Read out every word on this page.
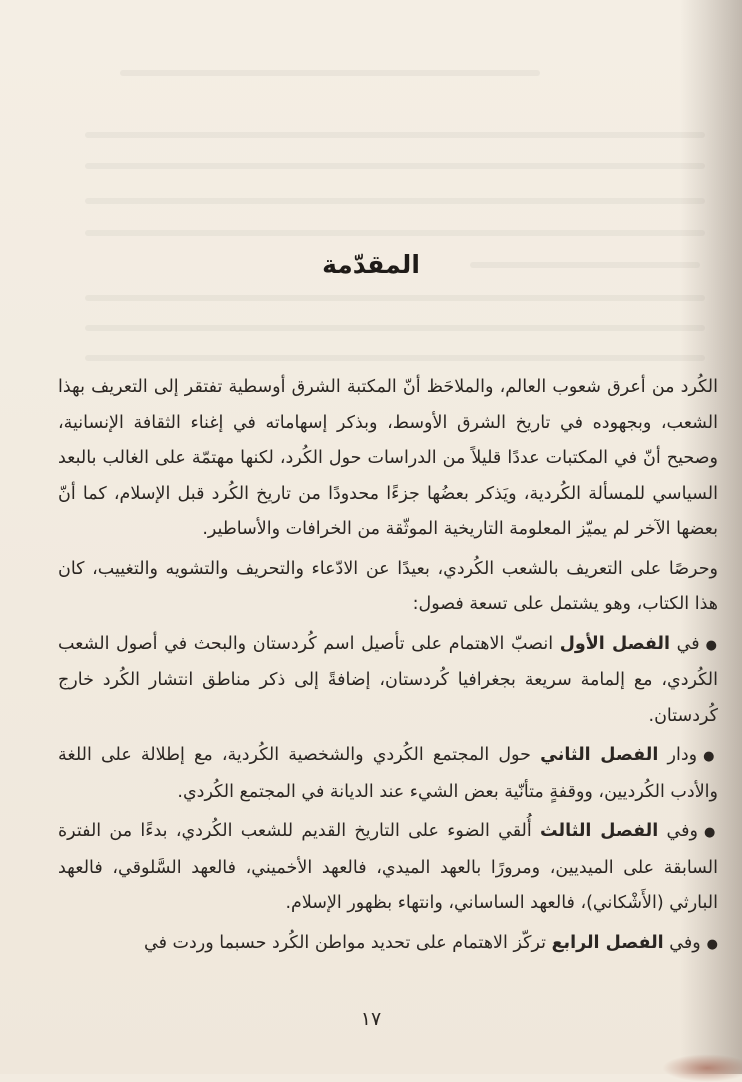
المقدّمة

الكُرد من أعرق شعوب العالم، والملاحَظ أنّ المكتبة الشرق أوسطية تفتقر إلى التعريف بهذا الشعب، وبجهوده في تاريخ الشرق الأوسط، وبذكر إسهاماته في إغناء الثقافة الإنسانية، وصحيح أنّ في المكتبات عددًا قليلاً من الدراسات حول الكُرد، لكنها مهتمّة على الغالب بالبعد السياسي للمسألة الكُردية، ويَذكر بعضُها جزءًا محدودًا من تاريخ الكُرد قبل الإسلام، كما أنّ بعضها الآخر لم يميّز المعلومة التاريخية الموثّقة من الخرافات والأساطير.

وحرصًا على التعريف بالشعب الكُردي، بعيدًا عن الادّعاء والتحريف والتشويه والتغييب، كان هذا الكتاب، وهو يشتمل على تسعة فصول:

●في الفصل الأول انصبّ الاهتمام على تأصيل اسم كُردستان والبحث في أصول الشعب الكُردي، مع إلمامة سريعة بجغرافيا كُردستان، إضافةً إلى ذكر مناطق انتشار الكُرد خارج كُردستان.

●ودار الفصل الثاني حول المجتمع الكُردي والشخصية الكُردية، مع إطلالة على اللغة والأدب الكُرديين، ووقفةٍ متأنّية بعض الشيء عند الديانة في المجتمع الكُردي.

●وفي الفصل الثالث أُلقي الضوء على التاريخ القديم للشعب الكُردي، بدءًا من الفترة السابقة على الميديين، ومرورًا بالعهد الميدي، فالعهد الأخميني، فالعهد السَّلوقي، فالعهد البارثي (الأَشْكاني)، فالعهد الساساني، وانتهاء بظهور الإسلام.

●وفي الفصل الرابع تركّز الاهتمام على تحديد مواطن الكُرد حسبما وردت في

١٧
